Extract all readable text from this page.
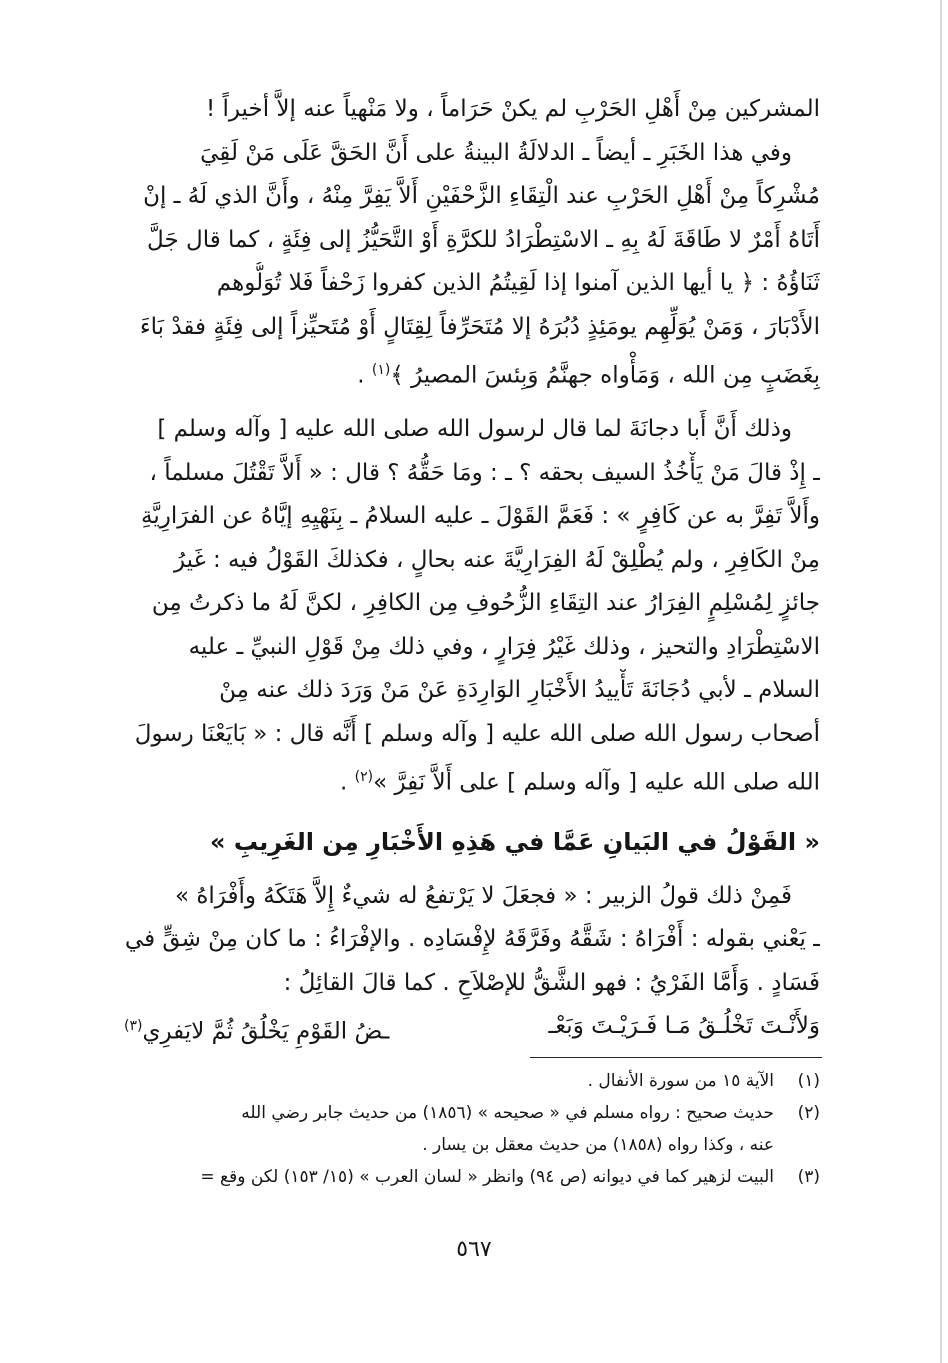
المشركين مِنْ أَهْلِ الحَرْبِ لم يكنْ حَرَاماً ، ولا مَنْهياً عنه إلاَّ أخيراً !
وفي هذا الخَبَرِ ـ أيضاً ـ الدلالَةُ البينةُ على أَنَّ الحَقَّ عَلَى مَنْ لَقِيَ
مُشْرِكاً مِنْ أَهْلِ الحَرْبِ عند الْتِقَاءِ الزَّحْفَيْنِ أَلاَّ يَفِرَّ مِنْهُ ، وأَنَّ الذي لَهُ ـ إنْ
أَتَاهُ أَمْرٌ لا طَاقَةَ لَهُ بِهِ ـ الاسْتِطْرَادُ للكرَّةِ أَوْ التَّحَيُّزُ إلى فِئَةٍ ، كما قال جَلَّ
ثَنَاؤُهُ : ﴿ يا أيها الذين آمنوا إذا لَقِيتُمُ الذين كفروا زَحْفاً فَلا تُوَلُّوهم
الأَدْبَارَ ، وَمَنْ يُوَلِّهِم يومَئِذٍ دُبُرَهُ إلا مُتَحَرِّفاً لِقِتَالٍ أَوْ مُتَحيِّزاً إلى فِئَةٍ فقدْ بَاءَ
بِغَضَبٍ مِن الله ، وَمَأْواه جهنَّمُ وَبِئسَ المصيرُ ﴾$^{(١)}$ .
وذلك أَنَّ أَبا دجانَةَ لما قال لرسول الله صلى الله عليه [ وآله وسلم ]
ـ إِذْ قالَ مَنْ يَأْخُذُ السيف بحقه ؟ ـ : ومَا حَقُّهُ ؟ قال : « أَلاَّ تَقْتُلَ مسلماً ،
وأَلاَّ تَفِرَّ به عن كَافِرٍ » : فَعَمَّ القَوْلَ ـ عليه السلامُ ـ بِنَهْيِهِ إيَّاهُ عن الفرَارِيَّةِ
مِنْ الكَافِرِ ، ولم يُطْلِقْ لَهُ الفِرَارِيَّةَ عنه بحالٍ ، فكذلكَ القَوْلُ فيه : غَيرُ
جائزٍ لِمُسْلِمٍ الفِرَارُ عند التِقَاءِ الزُّحُوفِ مِن الكافِرِ ، لكنَّ لَهُ ما ذكرتُ مِن
الاسْتِطْرَادِ والتحيز ، وذلك غَيْرُ فِرَارٍ ، وفي ذلك مِنْ قَوْلِ النبيِّ ـ عليه
السلام ـ لأبي دُجَانَةَ تَأْييدُ الأَخْبَارِ الوَارِدَةِ عَنْ مَنْ وَرَدَ ذلك عنه مِنْ
أصحاب رسول الله صلى الله عليه [ وآله وسلم ] أَنَّه قال : « بَايَعْنَا رسولَ
الله صلى الله عليه [ وآله وسلم ] على أَلاَّ نَفِرَّ »$^{(٢)}$ .
« القَوْلُ في البَيانِ عَمَّا في هَذِهِ الأَخْبَارِ مِن الغَرِيبِ »
فَمِنْ ذلك قولُ الزبير : « فجعَلَ لا يَرْتفعُ له شيءٌ إِلاَّ هَتَكَهُ وأَفْرَاهُ »
ـ يَعْني بقوله : أَفْرَاهُ : شَقَّهُ وفَرَّقَهُ لإِفْسَادِه . والإفْرَاءُ : ما كان مِنْ شِقٍّ في
فَسَادٍ . وَأَمَّا الفَرْيُ : فهو الشَّقُّ للإصْلاَحِ . كما قالَ القائِلُ :
وَلأَنْـتَ تَخْلُـقُ مَـا فَـرَيْـتَ وَبَعْـ
ـضُ القَوْمِ يَخْلُقُ ثُمَّ لايَفرِي$^{(٣)}$
(١)
الآية ١٥ من سورة الأنفال .
(٢)
حديث صحيح : رواه مسلم في « صحيحه » (١٨٥٦) من حديث جابر رضي الله
عنه ، وكذا رواه (١٨٥٨) من حديث معقل بن يسار .
(٣)
البيت لزهير كما في ديوانه (ص ٩٤) وانظر « لسان العرب » (١٥/ ١٥٣) لكن وقع =
٥٦٧
